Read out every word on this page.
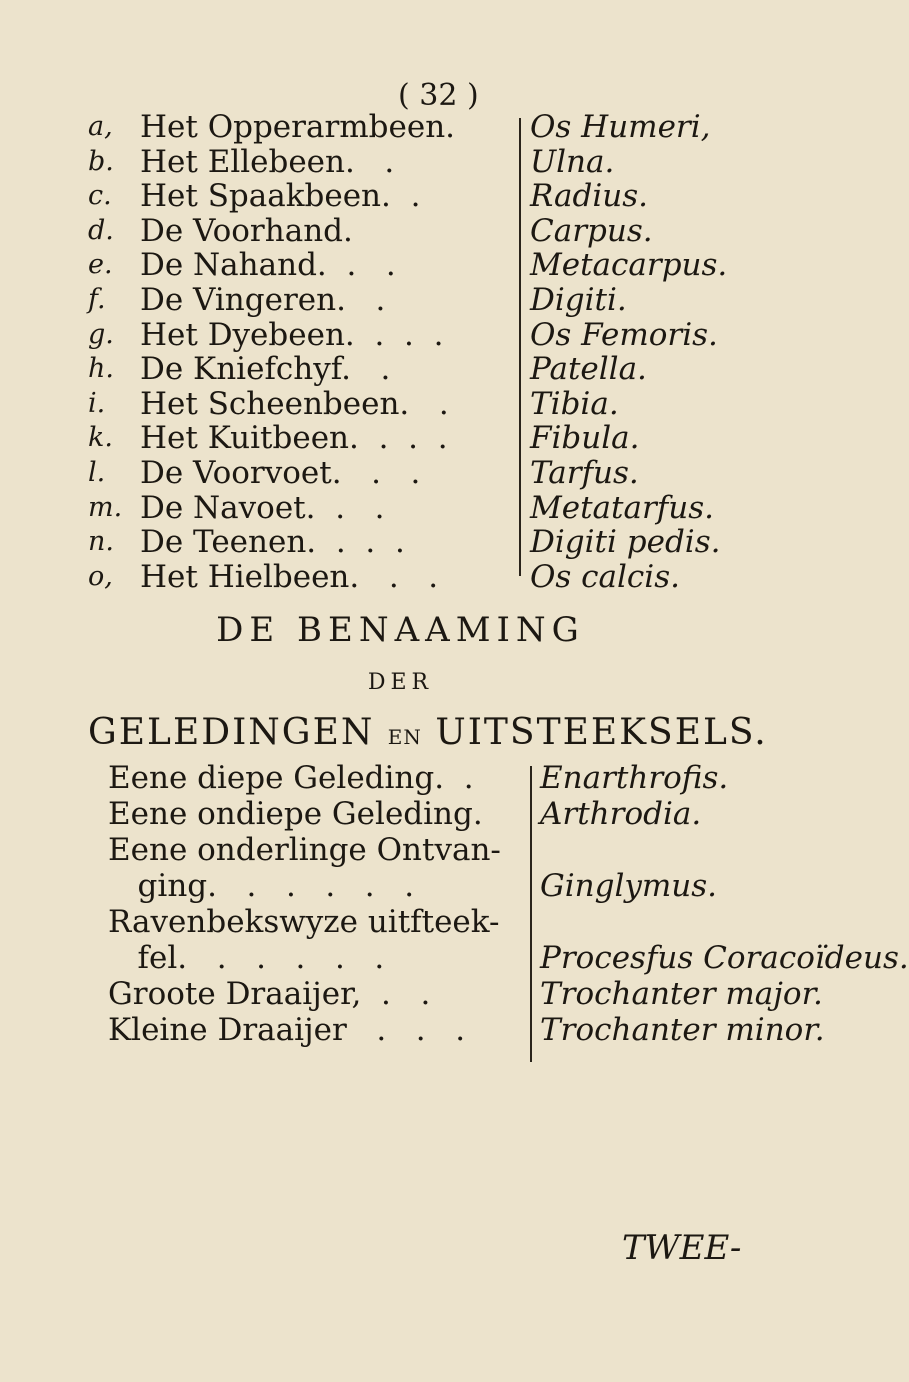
( 32 )
a, Het Opperarmbeen. Os Humeri,
b. Het Ellebeen.   .	Ulna.
c. Het Spaakbeen.  .	Radius.
d. De Voorhand.	Carpus.
e. De Nahand.  .   .	Metacarpus.
f. De Vingeren.   .	Digiti.
g. Het Dyebeen.  .  .  .	Os Femoris.
h. De Kniefchyf.   .	Patella.
i. Het Scheenbeen.   .	Tibia.
k. Het Kuitbeen.  .  .  .	Fibula.
l. De Voorvoet.   .   .	Tarfus.
m. De Navoet.  .   .	Metatarfus.
n. De Teenen.  .  .  .	Digiti pedis.
o, Het Hielbeen.   .   .	Os calcis.
DE BENAAMING
DER
GELEDINGEN EN UITSTEEKSELS.
Eene diepe Geleding.  . Enarthrofis.
Eene ondiepe Geleding. Arthrodia.
Eene onderlinge Ontvan-
ging.   .   .   .   .   .	Ginglymus.
Ravenbekswyze uitfteek-
fel.   .   .   .   .   .	Procesfus Coracoïdeus.
Groote Draaijer,  .   .	Trochanter major.
Kleine Draaijer   .   .   . Trochanter minor.
TWEE-
